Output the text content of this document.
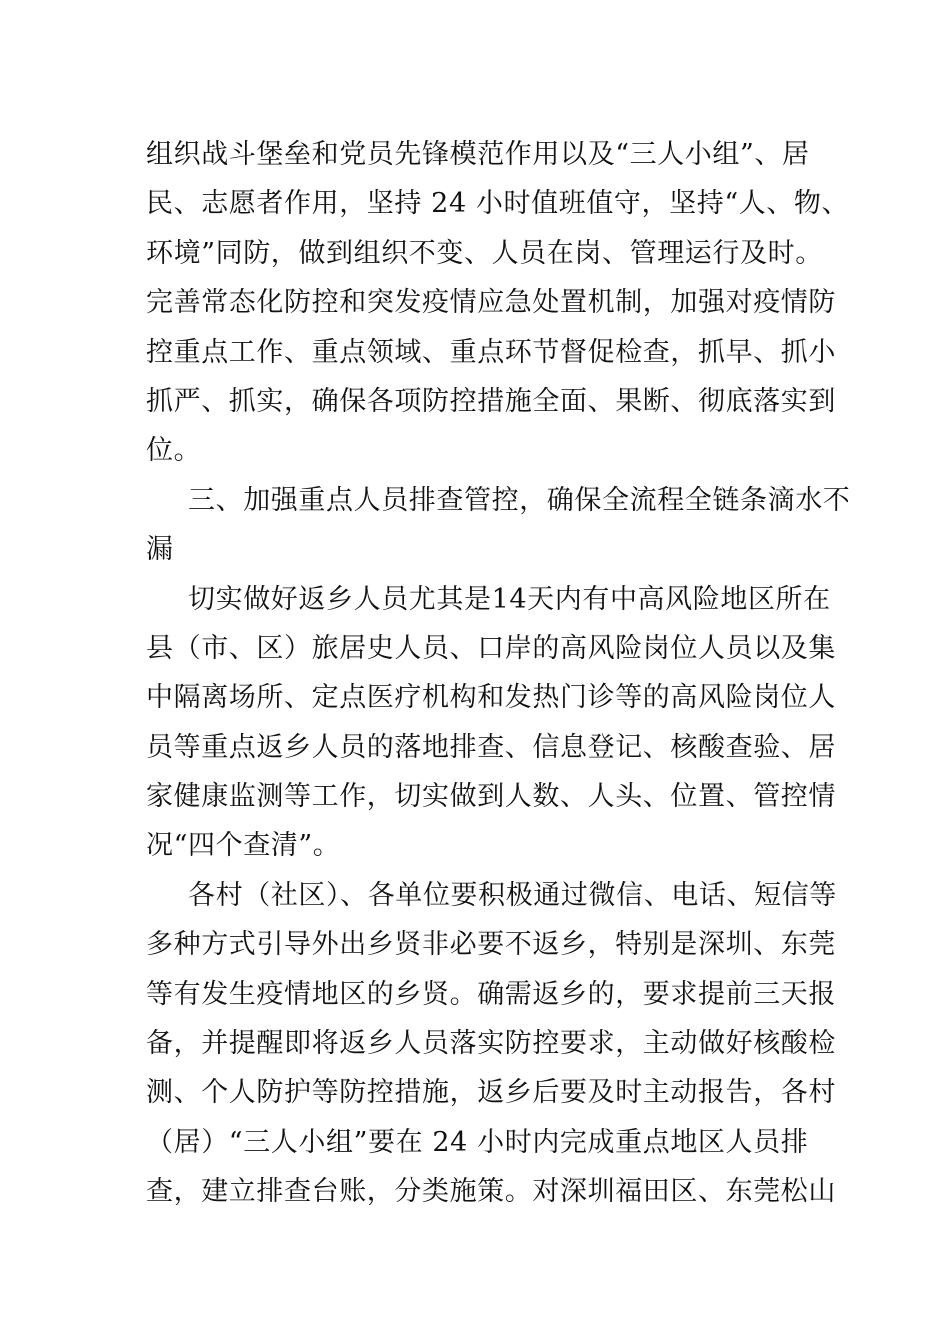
组织战斗堡垒和党员先锋模范作用以及“三人小组”、居
民、志愿者作用，坚持 24 小时值班值守，坚持“人、物、
环境”同防，做到组织不变、人员在岗、管理运行及时。
完善常态化防控和突发疫情应急处置机制，加强对疫情防
控重点工作、重点领域、重点环节督促检查，抓早、抓小
抓严、抓实，确保各项防控措施全面、果断、彻底落实到
位。
三、加强重点人员排查管控，确保全流程全链条滴水不
漏
切实做好返乡人员尤其是14天内有中高风险地区所在
县（市、区）旅居史人员、口岸的高风险岗位人员以及集
中隔离场所、定点医疗机构和发热门诊等的高风险岗位人
员等重点返乡人员的落地排查、信息登记、核酸查验、居
家健康监测等工作，切实做到人数、人头、位置、管控情
况“四个查清”。
各村（社区）、各单位要积极通过微信、电话、短信等
多种方式引导外出乡贤非必要不返乡，特别是深圳、东莞
等有发生疫情地区的乡贤。确需返乡的，要求提前三天报
备，并提醒即将返乡人员落实防控要求，主动做好核酸检
测、个人防护等防控措施，返乡后要及时主动报告，各村
（居）“三人小组”要在 24 小时内完成重点地区人员排
查，建立排查台账，分类施策。对深圳福田区、东莞松山
